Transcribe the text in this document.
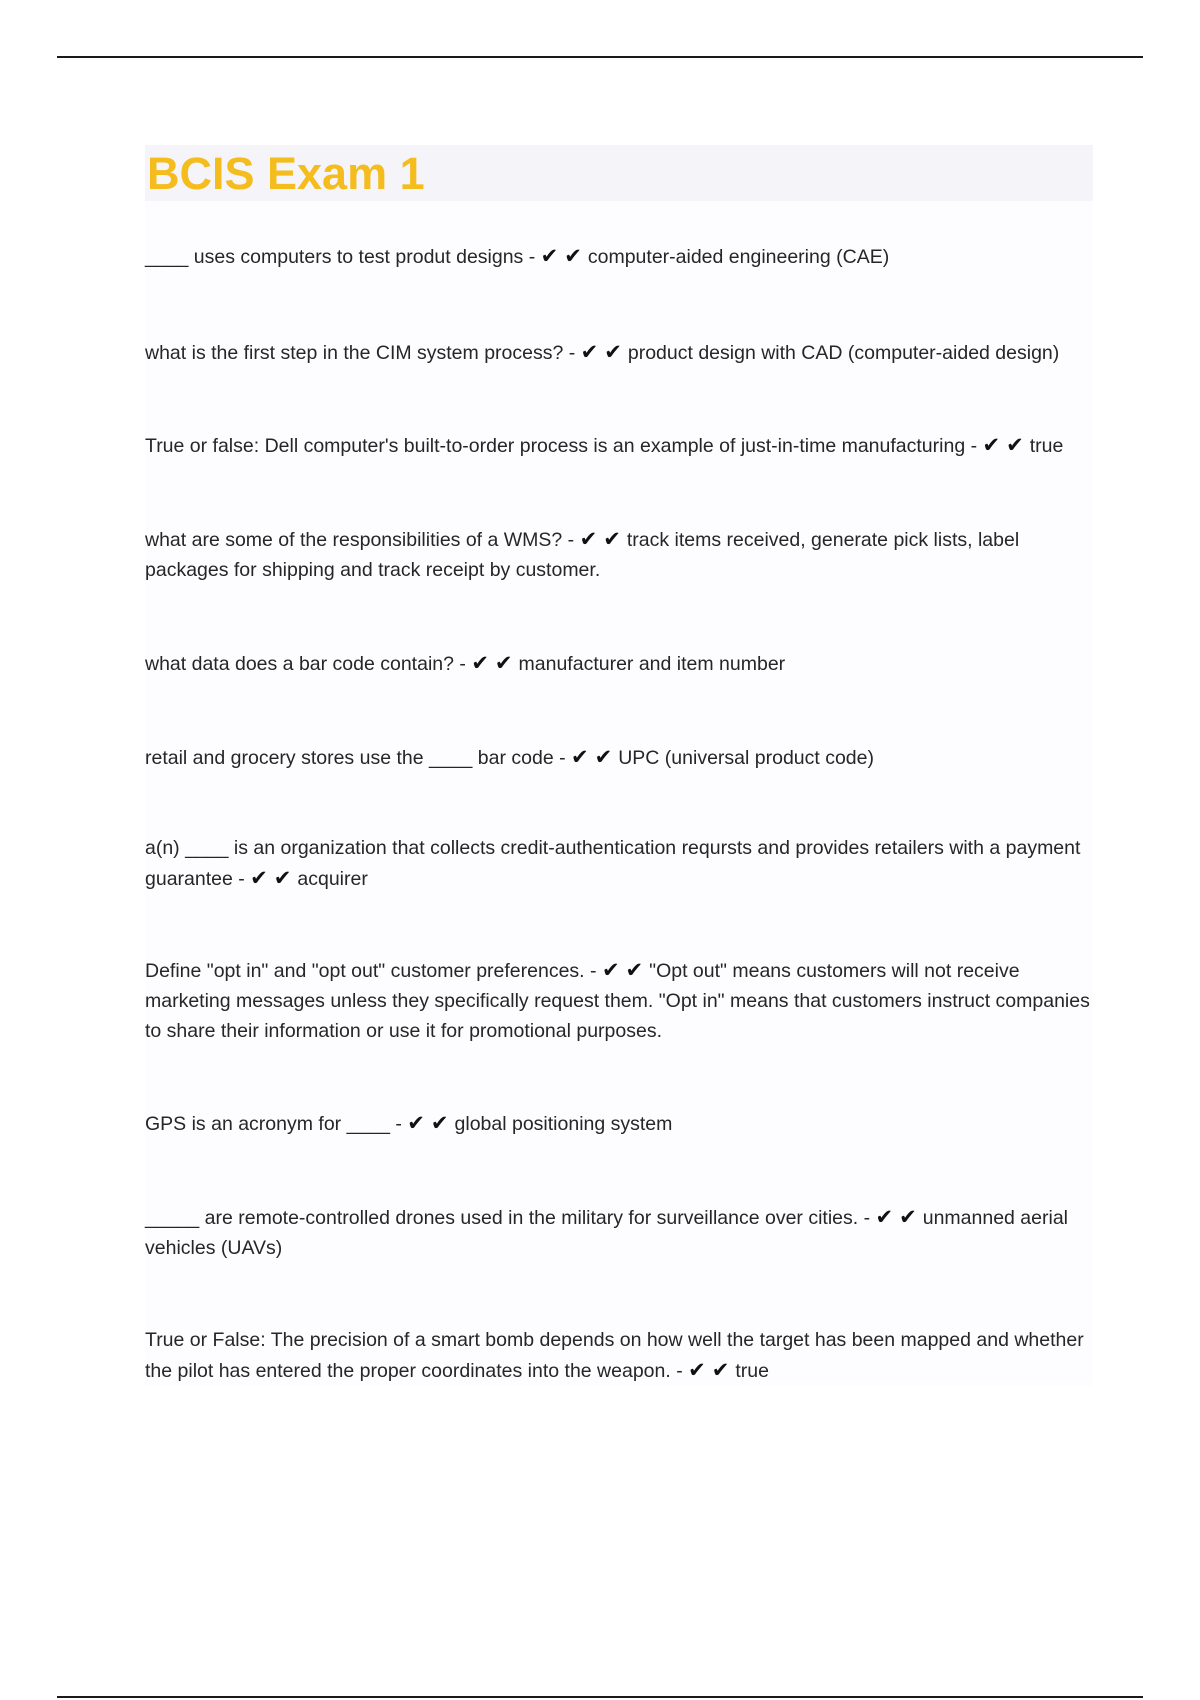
BCIS Exam 1

____ uses computers to test produt designs - ✔ ✔ computer-aided engineering (CAE)

what is the first step in the CIM system process? - ✔ ✔ product design with CAD (computer-aided design)

True or false: Dell computer's built-to-order process is an example of just-in-time manufacturing - ✔ ✔ true

what are some of the responsibilities of a WMS? - ✔ ✔ track items received, generate pick lists, label packages for shipping and track receipt by customer.

what data does a bar code contain? - ✔ ✔ manufacturer and item number

retail and grocery stores use the ____ bar code - ✔ ✔ UPC (universal product code)

a(n) ____ is an organization that collects credit-authentication reqursts and provides retailers with a payment guarantee - ✔ ✔ acquirer

Define "opt in" and "opt out" customer preferences. - ✔ ✔ "Opt out" means customers will not receive marketing messages unless they specifically request them. "Opt in" means that customers instruct companies to share their information or use it for promotional purposes.

GPS is an acronym for ____ - ✔ ✔ global positioning system

_____ are remote-controlled drones used in the military for surveillance over cities. - ✔ ✔ unmanned aerial vehicles (UAVs)

True or False: The precision of a smart bomb depends on how well the target has been mapped and whether the pilot has entered the proper coordinates into the weapon. - ✔ ✔ true
